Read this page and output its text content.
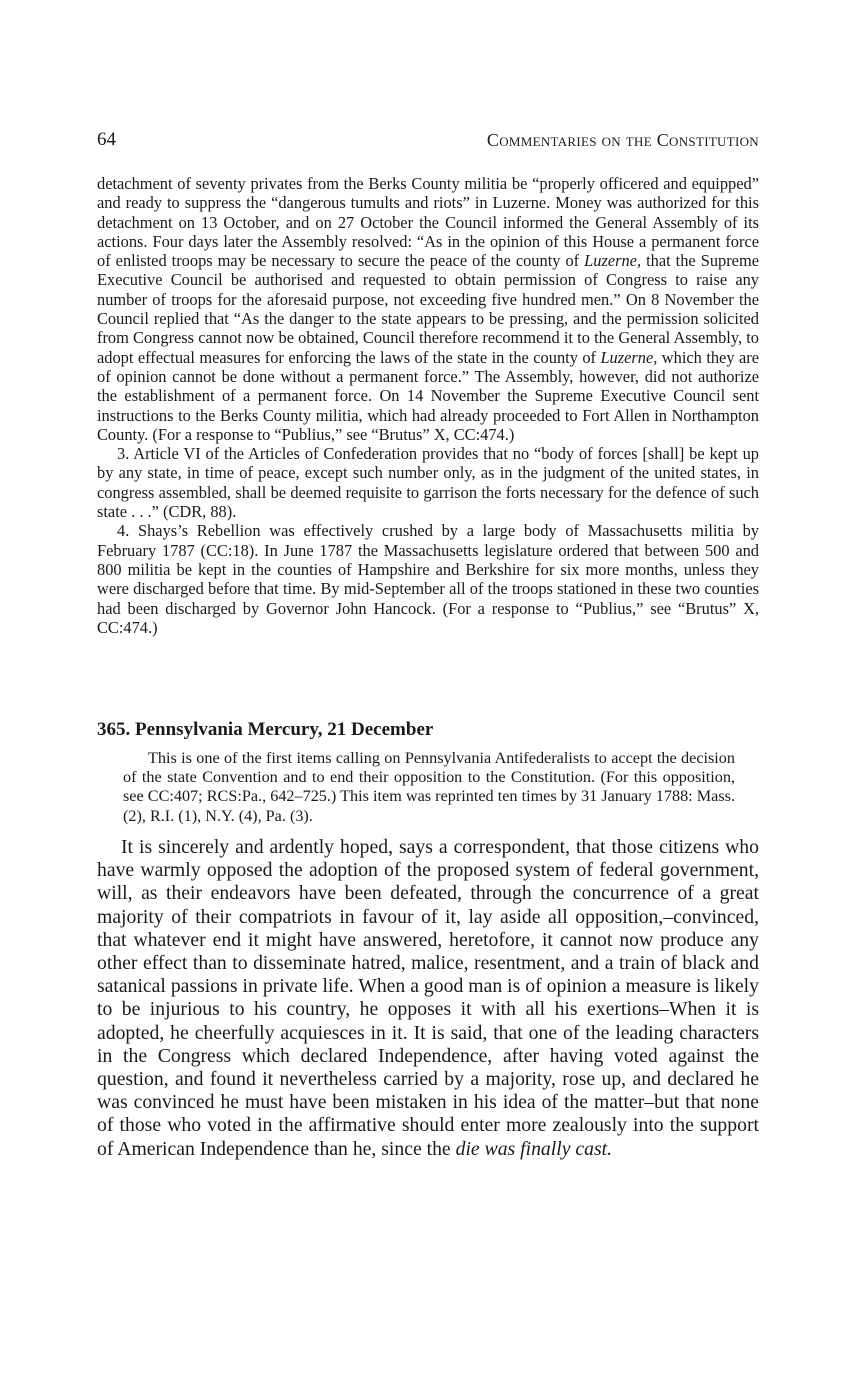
64	Commentaries on the Constitution

detachment of seventy privates from the Berks County militia be “properly officered and equipped” and ready to suppress the “dangerous tumults and riots” in Luzerne. Money was authorized for this detachment on 13 October, and on 27 October the Council informed the General Assembly of its actions. Four days later the Assembly resolved: “As in the opinion of this House a permanent force of enlisted troops may be necessary to secure the peace of the county of Luzerne, that the Supreme Executive Council be authorised and requested to obtain permission of Congress to raise any number of troops for the aforesaid purpose, not exceeding five hundred men.” On 8 November the Council replied that “As the danger to the state appears to be pressing, and the permission solicited from Congress cannot now be obtained, Council therefore recommend it to the General Assembly, to adopt effectual measures for enforcing the laws of the state in the county of Luzerne, which they are of opinion cannot be done without a permanent force.” The Assembly, however, did not authorize the establishment of a permanent force. On 14 November the Supreme Executive Council sent instructions to the Berks County militia, which had already proceeded to Fort Allen in Northampton County. (For a response to “Publius,” see “Brutus” X, CC:474.)

3. Article VI of the Articles of Confederation provides that no “body of forces [shall] be kept up by any state, in time of peace, except such number only, as in the judgment of the united states, in congress assembled, shall be deemed requisite to garrison the forts necessary for the defence of such state . . .” (CDR, 88).

4. Shays’s Rebellion was effectively crushed by a large body of Massachusetts militia by February 1787 (CC:18). In June 1787 the Massachusetts legislature ordered that between 500 and 800 militia be kept in the counties of Hampshire and Berkshire for six more months, unless they were discharged before that time. By mid-September all of the troops stationed in these two counties had been discharged by Governor John Hancock. (For a response to “Publius,” see “Brutus” X, CC:474.)

365. Pennsylvania Mercury, 21 December

This is one of the first items calling on Pennsylvania Antifederalists to accept the decision of the state Convention and to end their opposition to the Constitution. (For this opposition, see CC:407; RCS:Pa., 642–725.) This item was reprinted ten times by 31 January 1788: Mass. (2), R.I. (1), N.Y. (4), Pa. (3).

It is sincerely and ardently hoped, says a correspondent, that those citizens who have warmly opposed the adoption of the proposed system of federal government, will, as their endeavors have been defeated, through the concurrence of a great majority of their compatriots in favour of it, lay aside all opposition,–convinced, that whatever end it might have answered, heretofore, it cannot now produce any other effect than to disseminate hatred, malice, resentment, and a train of black and satanical passions in private life. When a good man is of opinion a measure is likely to be injurious to his country, he opposes it with all his exertions–When it is adopted, he cheerfully acquiesces in it. It is said, that one of the leading characters in the Congress which declared Independence, after having voted against the question, and found it nevertheless carried by a majority, rose up, and declared he was convinced he must have been mistaken in his idea of the matter–but that none of those who voted in the affirmative should enter more zealously into the support of American Independence than he, since the die was finally cast.
